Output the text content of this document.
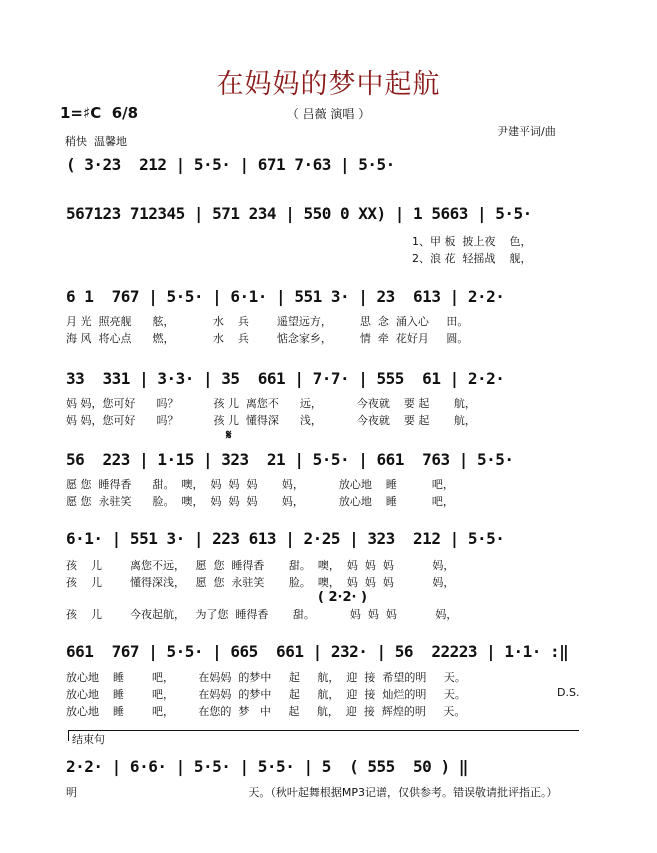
在妈妈的梦中起航
（ 吕薇 演唱 ）
1=♯C  6/8
稍快  温馨地
尹建平词/曲
𝄋
D.S.
( 3·23  212 | 5·5· | 671 7·63 | 5·5·
567123 712345 | 571 234 | 550 0 XX) | 1 5663 | 5·5·
1、甲 板  披上夜    色，
2、浪 花  轻摇战    舰，
6 1  767 | 5·5· | 6·1· | 551 3· | 23  613 | 2·2·
月 光  照亮舰      舷，           水    兵        遥望远方，        思  念  涌入心     田。
海 风  将心点      燃，           水    兵        惦念家乡，        情  牵  花好月     圆。
33  331 | 3·3· | 35  661 | 7·7· | 555  61 | 2·2·
妈 妈，您可好      吗？          孩 儿  离您不      远，          今夜就    要 起       航，
妈 妈，您可好      吗？          孩 儿  懂得深      浅，          今夜就    要 起       航，
56  223 | 1·15 | 323  21 | 5·5· | 661  763 | 5·5·
愿 您  睡得香      甜。  噢，  妈  妈  妈       妈，          放心地    睡          吧，
愿 您  永驻笑      脸。  噢，  妈  妈  妈       妈，          放心地    睡          吧，
6·1· | 551 3· | 223 613 | 2·25 | 323  212 | 5·5·
孩    儿        离您不远，   愿  您  睡得香       甜。  噢，  妈  妈  妈           妈，
孩    儿        懂得深浅，   愿  您  永驻笑       脸。  噢，  妈  妈  妈           妈，
( 2·2· )
孩    儿        今夜起航，   为了您  睡得香       甜。          妈  妈  妈           妈，
661  767 | 5·5· | 665  661 | 232· | 56  22223 | 1·1· :‖
放心地    睡        吧，       在妈妈  的梦中     起     航，  迎  接  希望的明     天。
放心地    睡        吧，       在妈妈  的梦中     起     航，  迎  接  灿烂的明     天。
放心地    睡        吧，       在您的  梦   中     起     航，  迎  接  辉煌的明     天。
结束句
2·2· | 6·6· | 5·5· | 5·5· | 5  ( 555  50 ) ‖
明                                                 天。（秋叶起舞根据MP3记谱，仅供参考。错误敬请批评指正。）
